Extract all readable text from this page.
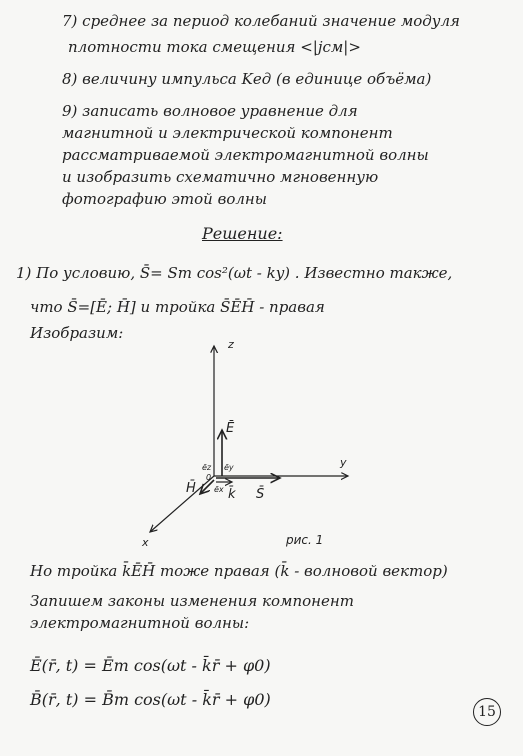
7) среднее за период колебаний значение модуля
плотности тока смещения <|jсм|>
8) величину импульса Kед (в единице объёма)
9) записать волновое уравнение для
магнитной и электрической компонент
рассматриваемой электромагнитной волны
и изобразить схематично мгновенную
фотографию этой волны
Решение:
1) По условию, S̄= Sm cos²(ωt - ky) . Известно также,
что S̄=[Ē; H̄] и тройка S̄ĒH̄ - правая
Изобразим:
z
y
x
Ē
H̄	S̄
k̄
ēz ēy
ēx
0
рис. 1
Но тройка k̄ĒH̄ тоже правая (k̄ - волновой вектор)
Запишем законы изменения компонент
электромагнитной волны:
Ē(r̄, t) = Ēm cos(ωt - k̄r̄ + φ0)
B̄(r̄, t) = B̄m cos(ωt - k̄r̄ + φ0)
15
